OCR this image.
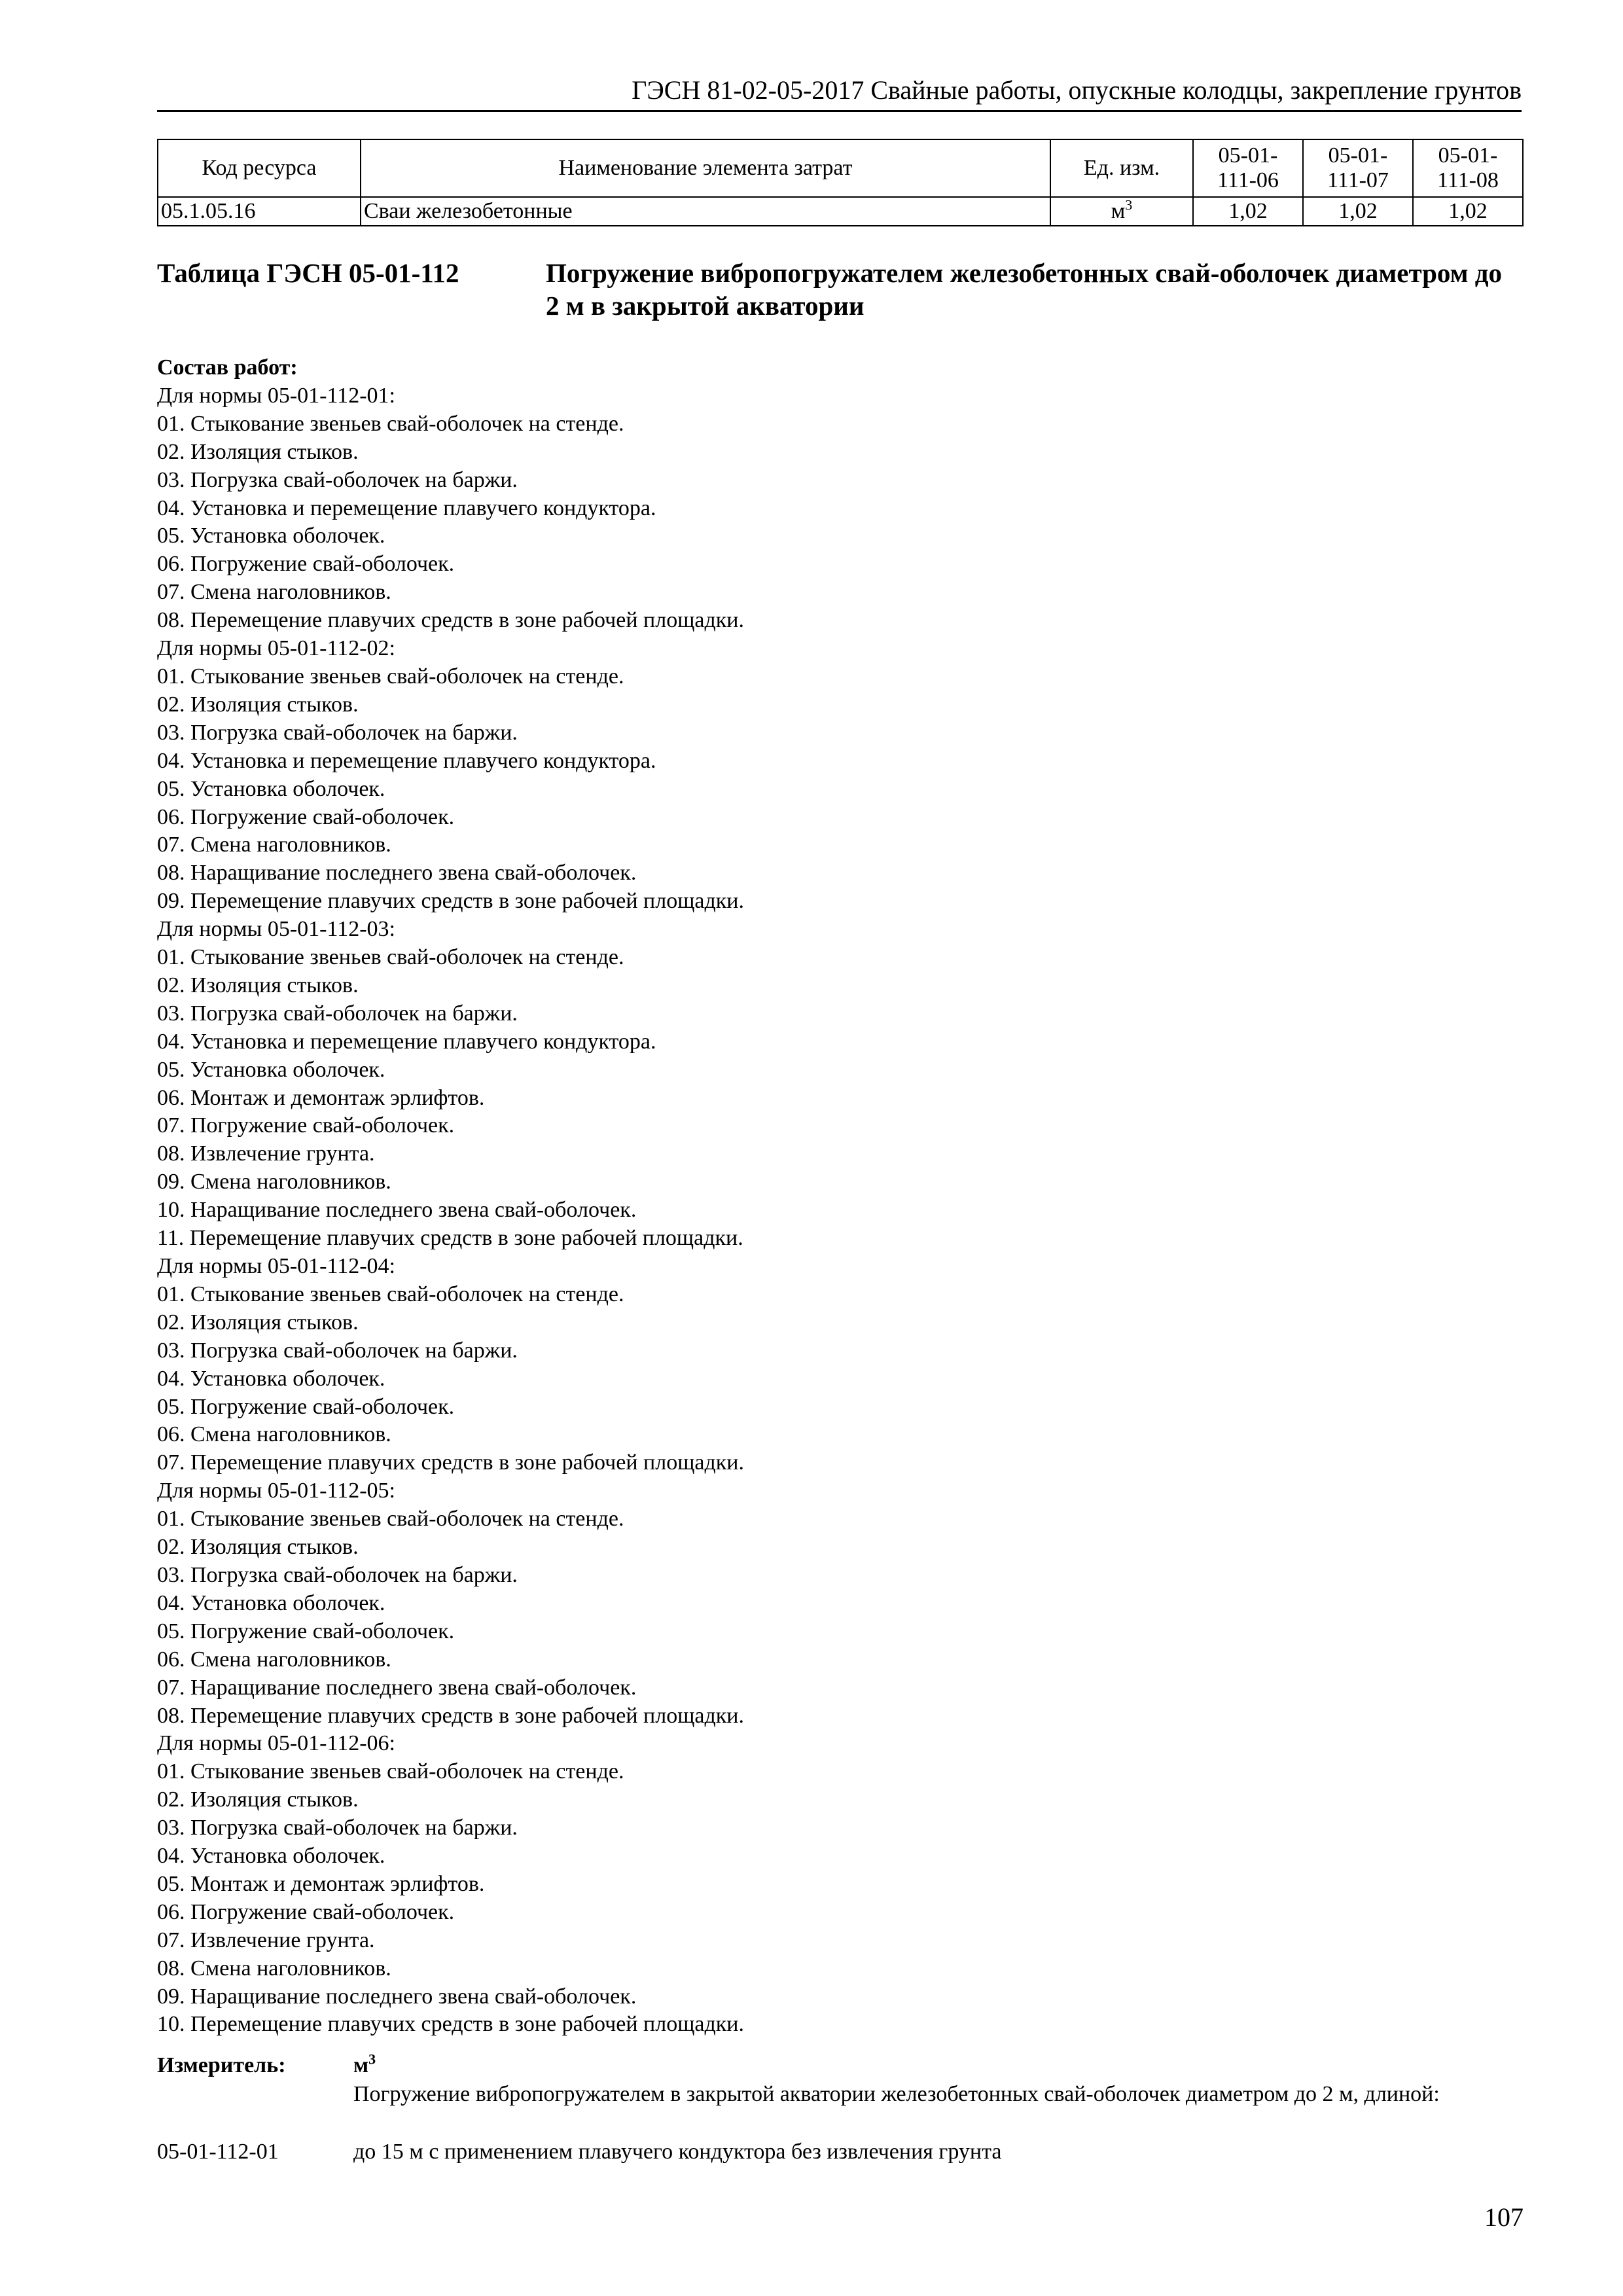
ГЭСН 81-02-05-2017 Свайные работы, опускные колодцы, закрепление грунтов
Код ресурса	Наименование элемента затрат	Ед. изм.	05-01-
111-06	05-01-
111-07	05-01-
111-08
05.1.05.16	Сваи железобетонные	$м^3$	1,02	1,02	1,02
Таблица ГЭСН 05-01-112	Погружение вибропогружателем железобетонных свай-оболочек диаметром до 2 м в закрытой акватории
Состав работ:
Для нормы 05-01-112-01:
01. Стыкование звеньев свай-оболочек на стенде.
02. Изоляция стыков.
03. Погрузка свай-оболочек на баржи.
04. Установка и перемещение плавучего кондуктора.
05. Установка оболочек.
06. Погружение свай-оболочек.
07. Смена наголовников.
08. Перемещение плавучих средств в зоне рабочей площадки.
Для нормы 05-01-112-02:
01. Стыкование звеньев свай-оболочек на стенде.
02. Изоляция стыков.
03. Погрузка свай-оболочек на баржи.
04. Установка и перемещение плавучего кондуктора.
05. Установка оболочек.
06. Погружение свай-оболочек.
07. Смена наголовников.
08. Наращивание последнего звена свай-оболочек.
09. Перемещение плавучих средств в зоне рабочей площадки.
Для нормы 05-01-112-03:
01. Стыкование звеньев свай-оболочек на стенде.
02. Изоляция стыков.
03. Погрузка свай-оболочек на баржи.
04. Установка и перемещение плавучего кондуктора.
05. Установка оболочек.
06. Монтаж и демонтаж эрлифтов.
07. Погружение свай-оболочек.
08. Извлечение грунта.
09. Смена наголовников.
10. Наращивание последнего звена свай-оболочек.
11. Перемещение плавучих средств в зоне рабочей площадки.
Для нормы 05-01-112-04:
01. Стыкование звеньев свай-оболочек на стенде.
02. Изоляция стыков.
03. Погрузка свай-оболочек на баржи.
04. Установка оболочек.
05. Погружение свай-оболочек.
06. Смена наголовников.
07. Перемещение плавучих средств в зоне рабочей площадки.
Для нормы 05-01-112-05:
01. Стыкование звеньев свай-оболочек на стенде.
02. Изоляция стыков.
03. Погрузка свай-оболочек на баржи.
04. Установка оболочек.
05. Погружение свай-оболочек.
06. Смена наголовников.
07. Наращивание последнего звена свай-оболочек.
08. Перемещение плавучих средств в зоне рабочей площадки.
Для нормы 05-01-112-06:
01. Стыкование звеньев свай-оболочек на стенде.
02. Изоляция стыков.
03. Погрузка свай-оболочек на баржи.
04. Установка оболочек.
05. Монтаж и демонтаж эрлифтов.
06. Погружение свай-оболочек.
07. Извлечение грунта.
08. Смена наголовников.
09. Наращивание последнего звена свай-оболочек.
10. Перемещение плавучих средств в зоне рабочей площадки.
Измеритель:	$м^3$
Погружение вибропогружателем в закрытой акватории железобетонных свай-оболочек диаметром до 2 м, длиной:
05-01-112-01	до 15 м с применением плавучего кондуктора без извлечения грунта
107
